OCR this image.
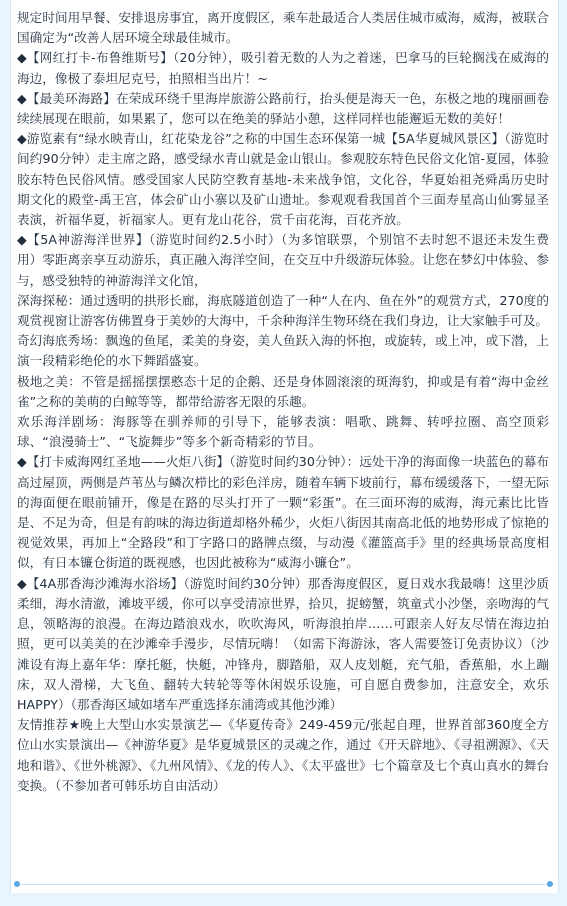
规定时间用早餐、安排退房事宜，离开度假区，乘车赴最适合人类居住城市威海，威海，被联合国确定为“改善人居环境全球最佳城市。

◆【网红打卡-布鲁维斯号】（20分钟），吸引着无数的人为之着迷，巴拿马的巨轮搁浅在威海的海边，像极了泰坦尼克号，拍照相当出片！~

◆【最美环海路】在荣成环绕千里海岸旅游公路前行，抬头便是海天一色，东极之地的瑰丽画卷续续展现在眼前，如果累了，您可以在绝美的驿站小憩，这样同样也能邂逅无数的美好！

◆游览素有“绿水映青山，红花染龙谷”之称的中国生态环保第一城【5A华夏城风景区】（游览时间约90分钟）走主席之路，感受绿水青山就是金山银山。参观胶东特色民俗文化馆-夏园，体验胶东特色民俗风情。感受国家人民防空教育基地-未来战争馆，文化谷，华夏始祖尧舜禹历史时期文化的殿堂-禹王宫，体会矿山小寨以及矿山遗址。参观观看我国首个三面寿星高山仙雾显圣表演，祈福华夏，祈福家人。更有龙山花谷，赏千亩花海，百花齐放。

◆【5A神游海洋世界】（游览时间约2.5小时）（为多馆联票，个别馆不去时恕不退还未发生费用）零距离亲享互动游乐，真正融入海洋空间，在交互中升级游玩体验。让您在梦幻中体验、参与，感受独特的神游海洋文化馆，

深海探秘：通过透明的拱形长廊，海底隧道创造了一种“人在内、鱼在外”的观赏方式，270度的观赏视窗让游客仿佛置身于美妙的大海中，千余种海洋生物环绕在我们身边，让大家触手可及。

奇幻海底秀场：飘逸的鱼尾，柔美的身姿，美人鱼跃入海的怀抱，或旋转，或上冲，或下潜，上演一段精彩绝伦的水下舞蹈盛宴。

极地之美：不管是摇摇摆摆憨态十足的企鹅、还是身体圆滚滚的斑海豹，抑或是有着“海中金丝雀”之称的美萌的白鲸等等，都带给游客无限的乐趣。

欢乐海洋剧场：海豚等在驯养师的引导下，能够表演：唱歌、跳舞、转呼拉圈、高空顶彩球、“浪漫骑士”、“飞旋舞步”等多个新奇精彩的节目。

◆【打卡威海网红圣地——火炬八街】（游览时间约30分钟）：远处干净的海面像一块蓝色的幕布高过屋顶，两侧是芦苇丛与鳞次栉比的彩色洋房，随着车辆下坡前行，幕布缓缓落下，一望无际的海面便在眼前铺开，像是在路的尽头打开了一颗“彩蛋”。在三面环海的威海，海元素比比皆是、不足为奇，但是有韵味的海边街道却格外稀少，火炬八街因其南高北低的地势形成了惊艳的视觉效果，再加上“全路段”和丁字路口的路牌点缀，与动漫《灌篮高手》里的经典场景高度相似，有日本镰仓街道的既视感，也因此被称为“威海小镰仓”。

◆【4A那香海沙滩海水浴场】（游览时间约30分钟）那香海度假区，夏日戏水我最嗨！这里沙质柔细，海水清澈，滩坡平缓，你可以享受清凉世界，拾贝，捉螃蟹，筑童式小沙堡，亲吻海的气息，领略海的浪漫。在海边踏浪戏水，吹吹海风，听海浪拍岸……可跟亲人好友尽情在海边拍照，更可以美美的在沙滩牵手漫步，尽情玩嗨！（如需下海游泳，客人需要签订免责协议）（沙滩设有海上嘉年华：摩托艇，快艇，冲锋舟，脚踏船，双人皮划艇，充气船，香蕉船，水上蹦床，双人滑梯，大飞鱼、翻转大转轮等等休闲娱乐设施，可自愿自费参加，注意安全，欢乐HAPPY）（那香海区域如堵车严重选择东浦湾或其他沙滩）

友情推荐★晚上大型山水实景演艺—《华夏传奇》249-459元/张起自理，世界首部360度全方位山水实景演出—《神游华夏》是华夏城景区的灵魂之作，通过《开天辟地》、《寻祖溯源》、《天地和谐》、《世外桃源》、《九州风情》、《龙的传人》、《太平盛世》七个篇章及七个真山真水的舞台变换。（不参加者可韩乐坊自由活动）
